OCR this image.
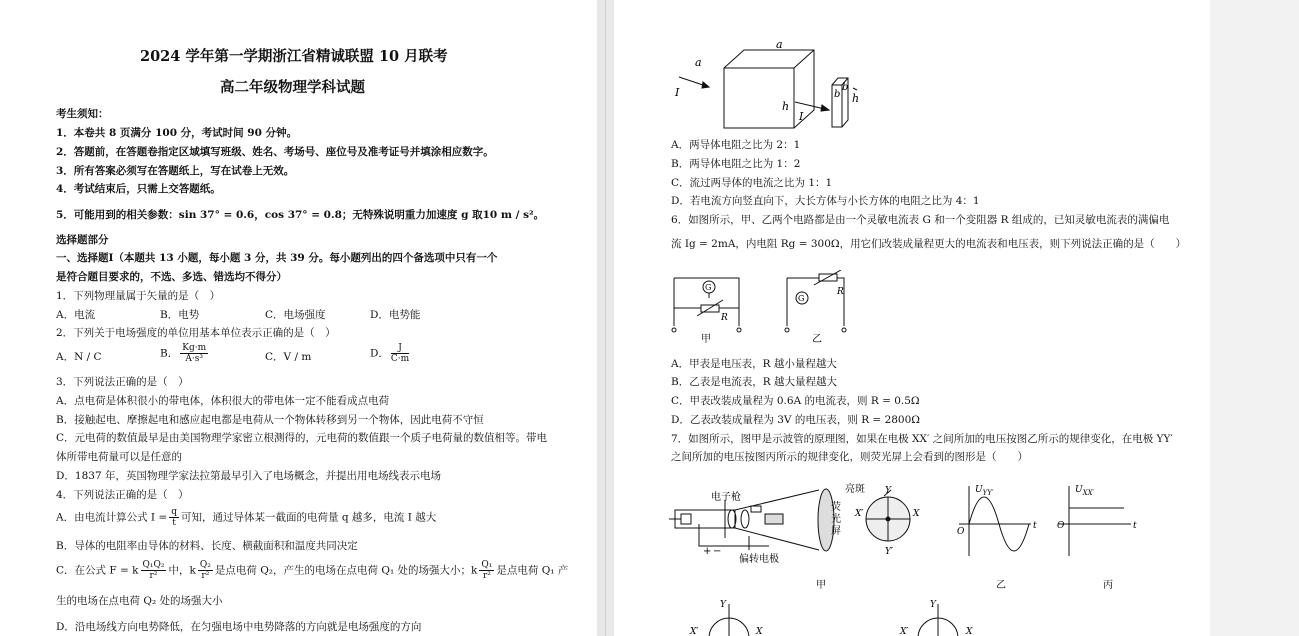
2024 学年第一学期浙江省精诚联盟 10 月联考
高二年级物理学科试题
考生须知：
1．本卷共 8 页满分 100 分，考试时间 90 分钟。
2．答题前，在答题卷指定区域填写班级、姓名、考场号、座位号及准考证号并填涂相应数字。
3．所有答案必须写在答题纸上，写在试卷上无效。
4．考试结束后，只需上交答题纸。
5．可能用到的相关参数：sin 37° = 0.6，cos 37° = 0.8；无特殊说明重力加速度 g 取10 m / s²。
选择题部分
一、选择题Ⅰ（本题共 13 小题，每小题 3 分，共 39 分。每小题列出的四个备选项中只有一个
是符合题目要求的，不选、多选、错选均不得分）
1．下列物理量属于矢量的是（　）
A．电流	B．电势	C．电场强度	D．电势能
2．下列关于电场强度的单位用基本单位表示正确的是（　）
A．N / C	B． $\frac{Kg\cdot m}{\text{A·s³}}$	C．V / m	D． $\frac{J}{C\cdot m}$
3．下列说法正确的是（　）
A．点电荷是体积很小的带电体，体积很大的带电体一定不能看成点电荷
B．接触起电、摩擦起电和感应起电都是电荷从一个物体转移到另一个物体，因此电荷不守恒
C．元电荷的数值最早是由美国物理学家密立根测得的，元电荷的数值跟一个质子电荷量的数值相等。带电
体所带电荷量可以是任意的
D．1837 年，英国物理学家法拉第最早引入了电场概念，并提出用电场线表示电场
4．下列说法正确的是（　）
A．由电流计算公式 $I = \frac{q}{t}$ 可知，通过导体某一截面的电荷量 q 越多，电流 I 越大
B．导体的电阻率由导体的材料、长度、横截面积和温度共同决定
C．在公式 F = k $\frac{\text{Q₁Q₂}}{\text{r²}}$ 中，k $\frac{\text{Q₂}}{\text{r²}}$ 是点电荷 Q₂，产生的电场在点电荷 Q₁ 处的场强大小；k $\frac{\text{Q₁}}{\text{r²}}$ 是点电荷 Q₁ 产
生的电场在点电荷 Q₂ 处的场强大小
D．沿电场线方向电势降低，在匀强电场中电势降落的方向就是电场强度的方向
a
a
h
I
I
b
b
h
A．两导体电阻之比为 2：1
B．两导体电阻之比为 1：2
C．流过两导体的电流之比为 1：1
D．若电流方向竖直向下，大长方体与小长方体的电阻之比为 4：1
6．如图所示，甲、乙两个电路都是由一个灵敏电流表 G 和一个变阻器 R 组成的，已知灵敏电流表的满偏电
流 Ig = 2mA，内电阻 Rg = 300Ω，用它们改装成量程更大的电流表和电压表，则下列说法正确的是（　　）
G
R
甲
G
R
乙
A．甲表是电压表，R 越小量程越大
B．乙表是电流表，R 越大量程越大
C．甲表改装成量程为 0.6A 的电流表，则 R = 0.5Ω
D．乙表改装成量程为 3V 的电压表，则 R = 2800Ω
7．如图所示，图甲是示波管的原理图，如果在电极 XX′ 之间所加的电压按图乙所示的规律变化，在电极 YY′
之间所加的电压按图丙所示的规律变化，则荧光屏上会看到的图形是（　　）
电子枪
亮斑
荧
光
屏
偏转电极
Y
Y′
X
X′
+ −
$U_{YY'}$
O
t
$U_{XX'}$
O	t
甲	乙	丙
Y
X′	X
Y
X′	X
